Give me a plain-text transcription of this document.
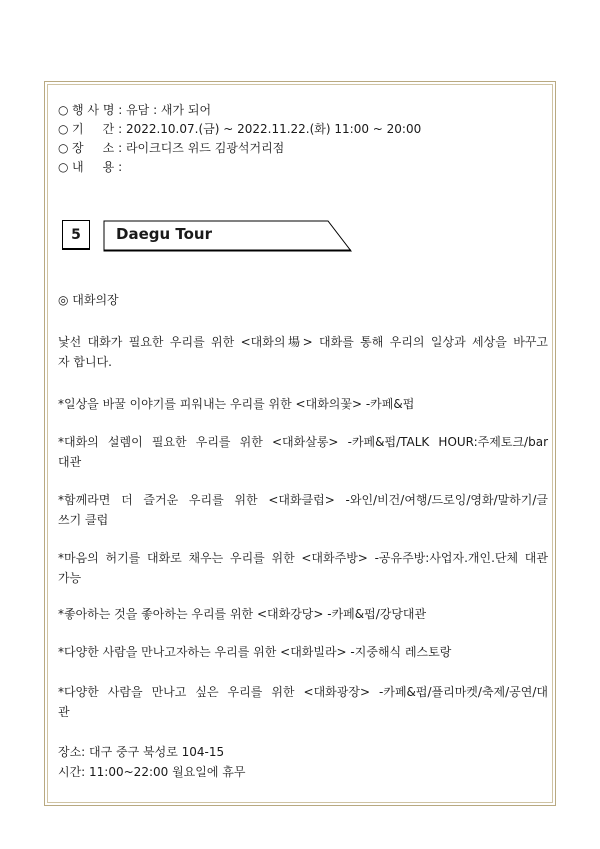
○ 행 사 명 : 유담 : 새가 되어
○ 기     간 : 2022.10.07.(금) ~ 2022.11.22.(화) 11:00 ~ 20:00
○ 장     소 : 라이크디즈 위드 김광석거리점
○ 내     용 :
5	Daegu Tour
◎ 대화의장
낯선 대화가 필요한 우리를 위한 <대화의場> 대화를 통해 우리의 일상과 세상을 바꾸고
자 합니다.
*일상을 바꿀 이야기를 피워내는 우리를 위한 <대화의꽃> -카페&펍
*대화의 설렘이 필요한 우리를 위한 <대화살롱> -카페&펍/TALK HOUR:주제토크/bar
대관
*함께라면 더 즐거운 우리를 위한 <대화클럽> -와인/비건/여행/드로잉/영화/말하기/글
쓰기 클럽
*마음의 허기를 대화로 채우는 우리를 위한 <대화주방> -공유주방:사업자.개인.단체 대관
가능
*좋아하는 것을 좋아하는 우리를 위한 <대화강당> -카페&펍/강당대관
*다양한 사람을 만나고자하는 우리를 위한 <대화빌라> -지중해식 레스토랑
*다양한 사람을 만나고 싶은 우리를 위한 <대화광장> -카페&펍/플리마켓/축제/공연/대
관
장소: 대구 중구 북성로 104-15
시간: 11:00~22:00 월요일에 휴무
